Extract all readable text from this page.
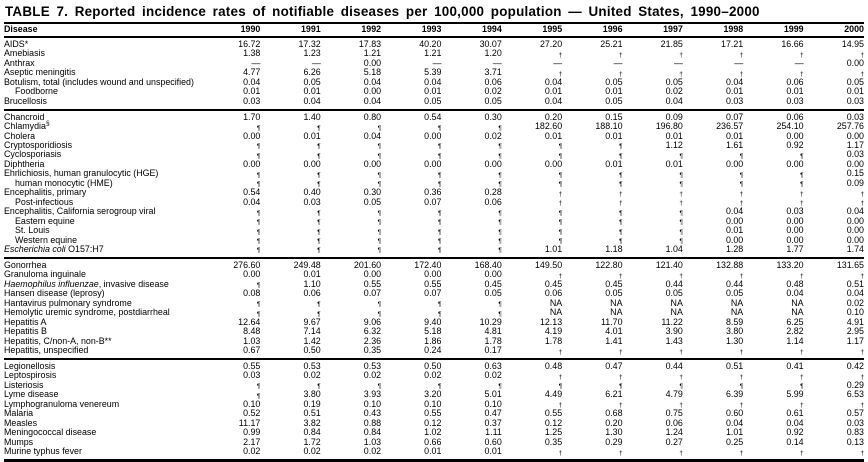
TABLE 7. Reported incidence rates of notifiable diseases per 100,000 population — United States, 1990–2000
Disease	1990	1991	1992	1993	1994	1995	1996	1997	1998	1999	2000
AIDS*	16.72	17.32	17.83	40.20	30.07	27.20	25.21	21.85	17.21	16.66	14.95
Amebiasis	1.38	1.23	1.21	1.21	1.20	†	†	†	†	†	†
Anthrax	—	—	0.00	—	—	—	—	—	—	—	0.00
Aseptic meningitis	4.77	6.26	5.18	5.39	3.71	†	†	†	†	†	†
Botulism, total (includes wound and unspecified)	0.04	0.05	0.04	0.04	0.06	0.04	0.05	0.05	0.04	0.06	0.05
Foodborne	0.01	0.01	0.00	0.01	0.02	0.01	0.01	0.02	0.01	0.01	0.01
Brucellosis	0.03	0.04	0.04	0.05	0.05	0.04	0.05	0.04	0.03	0.03	0.03
Chancroid	1.70	1.40	0.80	0.54	0.30	0.20	0.15	0.09	0.07	0.06	0.03
Chlamydia§	¶	¶	¶	¶	¶	182.60	188.10	196.80	236.57	254.10	257.76
Cholera	0.00	0.01	0.04	0.00	0.02	0.01	0.01	0.01	0.01	0.00	0.00
Cryptosporidiosis	¶	¶	¶	¶	¶	¶	¶	1.12	1.61	0.92	1.17
Cyclosporiasis	¶	¶	¶	¶	¶	¶	¶	¶	¶	¶	0.03
Diphtheria	0.00	0.00	0.00	0.00	0.00	0.00	0.01	0.01	0.00	0.00	0.00
Ehrlichiosis, human granulocytic (HGE)	¶	¶	¶	¶	¶	¶	¶	¶	¶	¶	0.15
human monocytic (HME)	¶	¶	¶	¶	¶	¶	¶	¶	¶	¶	0.09
Encephalitis, primary	0.54	0.40	0.30	0.36	0.28	†	†	†	†	†	†
Post-infectious	0.04	0.03	0.05	0.07	0.06	†	†	†	†	†	†
Encephalitis, California serogroup viral	¶	¶	¶	¶	¶	¶	¶	¶	0.04	0.03	0.04
Eastern equine	¶	¶	¶	¶	¶	¶	¶	¶	0.00	0.00	0.00
St. Louis	¶	¶	¶	¶	¶	¶	¶	¶	0.01	0.00	0.00
Western equine	¶	¶	¶	¶	¶	¶	¶	¶	0.00	0.00	0.00
Escherichia coli O157:H7	¶	¶	¶	¶	¶	1.01	1.18	1.04	1.28	1.77	1.74
Gonorrhea	276.60	249.48	201.60	172.40	168.40	149.50	122.80	121.40	132.88	133.20	131.65
Granuloma inguinale	0.00	0.01	0.00	0.00	0.00	†	†	†	†	†	†
Haemophilus influenzae, invasive disease	¶	1.10	0.55	0.55	0.45	0.45	0.45	0.44	0.44	0.48	0.51
Hansen disease (leprosy)	0.08	0.06	0.07	0.07	0.05	0.06	0.05	0.05	0.05	0.04	0.04
Hantavirus pulmonary syndrome	¶	¶	¶	¶	¶	NA	NA	NA	NA	NA	0.02
Hemolytic uremic syndrome, postdiarrheal	¶	¶	¶	¶	¶	NA	NA	NA	NA	NA	0.10
Hepatitis A	12.64	9.67	9.06	9.40	10.29	12.13	11.70	11.22	8.59	6.25	4.91
Hepatitis B	8.48	7.14	6.32	5.18	4.81	4.19	4.01	3.90	3.80	2.82	2.95
Hepatitis, C/non-A, non-B**	1.03	1.42	2.36	1.86	1.78	1.78	1.41	1.43	1.30	1.14	1.17
Hepatitis, unspecified	0.67	0.50	0.35	0.24	0.17	†	†	†	†	†	†
Legionellosis	0.55	0.53	0.53	0.50	0.63	0.48	0.47	0.44	0.51	0.41	0.42
Leptospirosis	0.03	0.02	0.02	0.02	0.02	†	†	†	†	†	†
Listeriosis	¶	¶	¶	¶	¶	¶	¶	¶	¶	¶	0.29
Lyme disease	¶	3.80	3.93	3.20	5.01	4.49	6.21	4.79	6.39	5.99	6.53
Lymphogranuloma venereum	0.10	0.19	0.10	0.10	0.10	†	†	†	†	†	†
Malaria	0.52	0.51	0.43	0.55	0.47	0.55	0.68	0.75	0.60	0.61	0.57
Measles	11.17	3.82	0.88	0.12	0.37	0.12	0.20	0.06	0.04	0.04	0.03
Meningococcal disease	0.99	0.84	0.84	1.02	1.11	1.25	1.30	1.24	1.01	0.92	0.83
Mumps	2.17	1.72	1.03	0.66	0.60	0.35	0.29	0.27	0.25	0.14	0.13
Murine typhus fever	0.02	0.02	0.02	0.01	0.01	†	†	†	†	†	†
